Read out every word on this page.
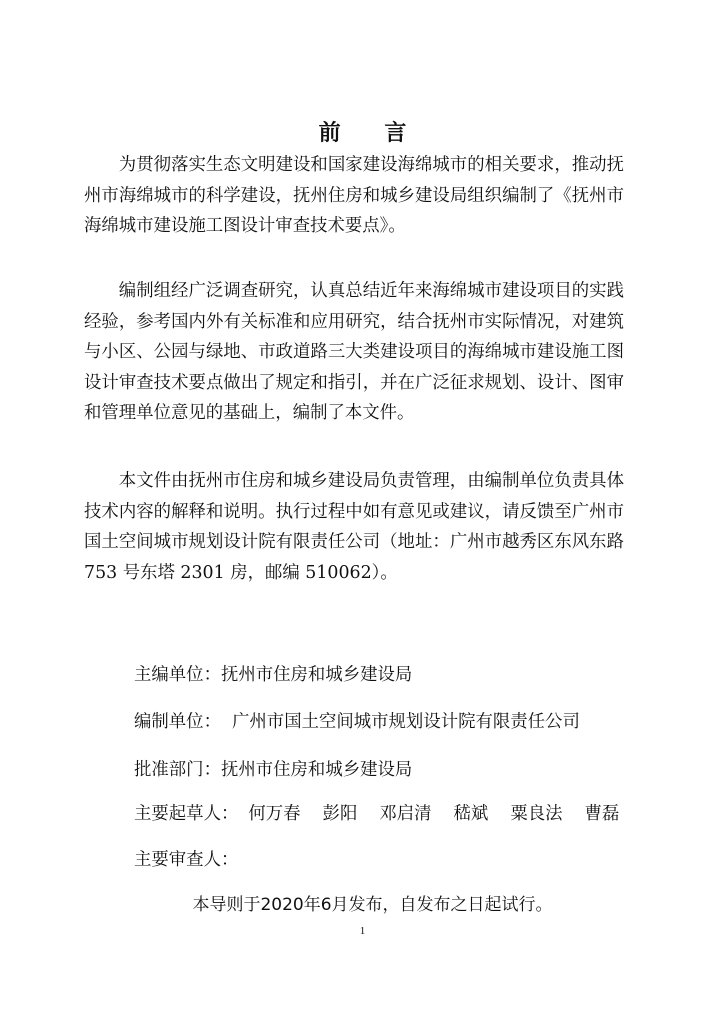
前 言

为贯彻落实生态文明建设和国家建设海绵城市的相关要求，推动抚州市海绵城市的科学建设，抚州住房和城乡建设局组织编制了《抚州市海绵城市建设施工图设计审查技术要点》。

编制组经广泛调查研究，认真总结近年来海绵城市建设项目的实践经验，参考国内外有关标准和应用研究，结合抚州市实际情况，对建筑与小区、公园与绿地、市政道路三大类建设项目的海绵城市建设施工图设计审查技术要点做出了规定和指引，并在广泛征求规划、设计、图审和管理单位意见的基础上，编制了本文件。

本文件由抚州市住房和城乡建设局负责管理，由编制单位负责具体技术内容的解释和说明。执行过程中如有意见或建议，请反馈至广州市国土空间城市规划设计院有限责任公司（地址：广州市越秀区东风东路 753 号东塔 2301 房，邮编 510062）。

主编单位：抚州市住房和城乡建设局
编制单位：  广州市国土空间城市规划设计院有限责任公司
批准部门：抚州市住房和城乡建设局
主要起草人： 何万春 彭阳 邓启清 嵇斌 粟良法 曹磊
主要审查人：
本导则于2020年6月发布，自发布之日起试行。
1
